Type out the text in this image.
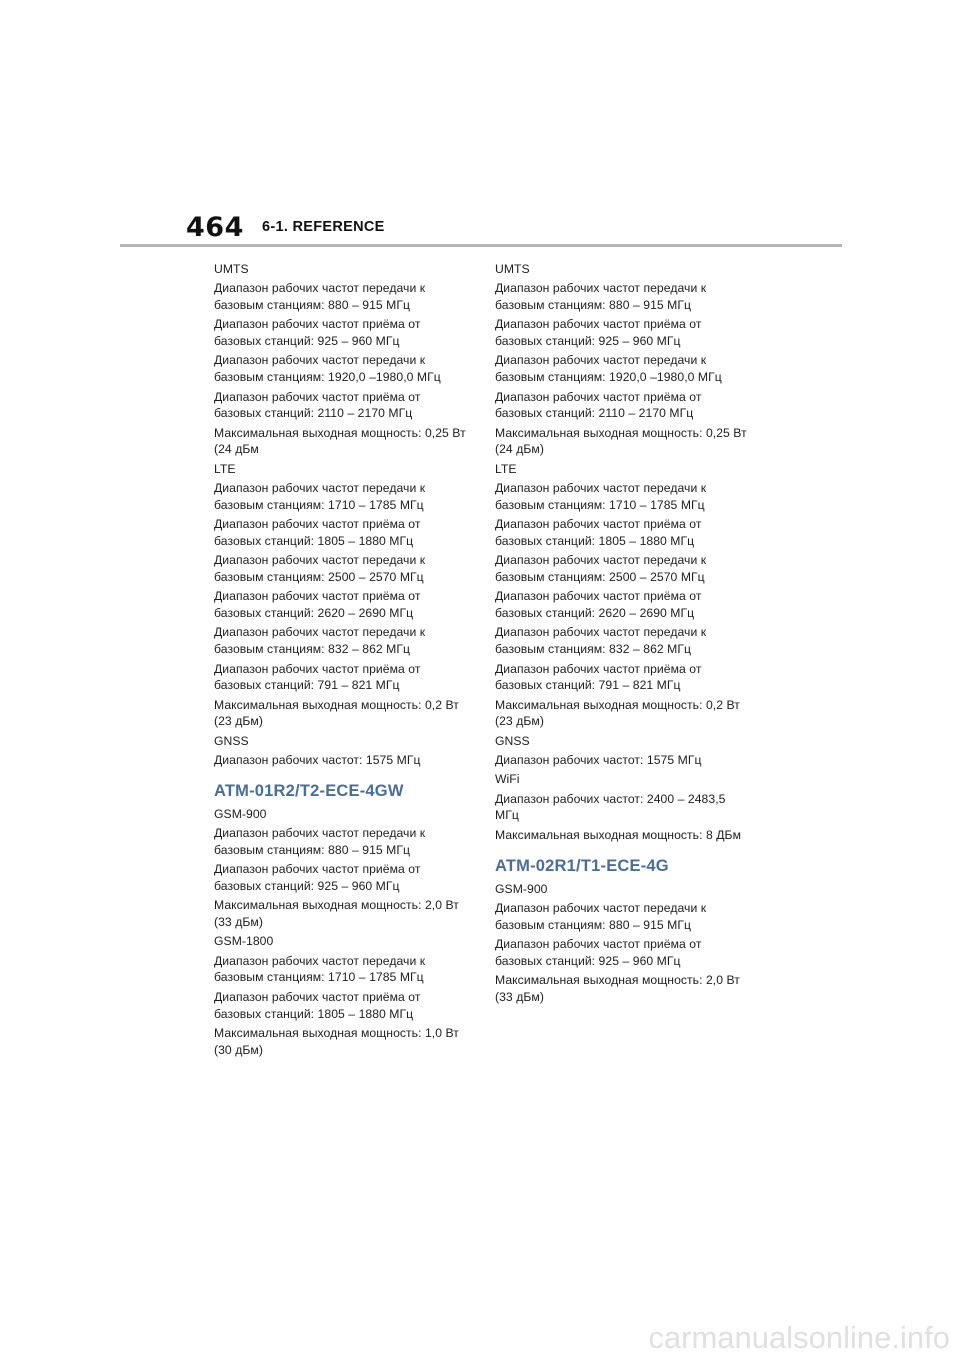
464 6-1. REFERENCE

UMTS

Диапазон рабочих частот передачи к базовым станциям: 880 – 915 МГц

Диапазон рабочих частот приёма от базовых станций: 925 – 960 МГц

Диапазон рабочих частот передачи к базовым станциям: 1920,0 –1980,0 МГц

Диапазон рабочих частот приёма от базовых станций: 2110 – 2170 МГц

Максимальная выходная мощность: 0,25 Вт (24 дБм

LTE

Диапазон рабочих частот передачи к базовым станциям: 1710 – 1785 МГц

Диапазон рабочих частот приёма от базовых станций: 1805 – 1880 МГц

Диапазон рабочих частот передачи к базовым станциям: 2500 – 2570 МГц

Диапазон рабочих частот приёма от базовых станций: 2620 – 2690 МГц

Диапазон рабочих частот передачи к базовым станциям: 832 – 862 МГц

Диапазон рабочих частот приёма от базовых станций: 791 – 821 МГц

Максимальная выходная мощность: 0,2 Вт (23 дБм)

GNSS

Диапазон рабочих частот: 1575 МГц

ATM-01R2/T2-ECE-4GW

GSM-900

Диапазон рабочих частот передачи к базовым станциям: 880 – 915 МГц

Диапазон рабочих частот приёма от базовых станций: 925 – 960 МГц

Максимальная выходная мощность: 2,0 Вт (33 дБм)

GSM-1800

Диапазон рабочих частот передачи к базовым станциям: 1710 – 1785 МГц

Диапазон рабочих частот приёма от базовых станций: 1805 – 1880 МГц

Максимальная выходная мощность: 1,0 Вт (30 дБм)

UMTS

Диапазон рабочих частот передачи к базовым станциям: 880 – 915 МГц

Диапазон рабочих частот приёма от базовых станций: 925 – 960 МГц

Диапазон рабочих частот передачи к базовым станциям: 1920,0 –1980,0 МГц

Диапазон рабочих частот приёма от базовых станций: 2110 – 2170 МГц

Максимальная выходная мощность: 0,25 Вт (24 дБм)

LTE

Диапазон рабочих частот передачи к базовым станциям: 1710 – 1785 МГц

Диапазон рабочих частот приёма от базовых станций: 1805 – 1880 МГц

Диапазон рабочих частот передачи к базовым станциям: 2500 – 2570 МГц

Диапазон рабочих частот приёма от базовых станций: 2620 – 2690 МГц

Диапазон рабочих частот передачи к базовым станциям: 832 – 862 МГц

Диапазон рабочих частот приёма от базовых станций: 791 – 821 МГц

Максимальная выходная мощность: 0,2 Вт (23 дБм)

GNSS

Диапазон рабочих частот: 1575 МГц

WiFi

Диапазон рабочих частот: 2400 – 2483,5 МГц

Максимальная выходная мощность: 8 ДБм

ATM-02R1/T1-ECE-4G

GSM-900

Диапазон рабочих частот передачи к базовым станциям: 880 – 915 МГц

Диапазон рабочих частот приёма от базовых станций: 925 – 960 МГц

Максимальная выходная мощность: 2,0 Вт (33 дБм)

carmanualsonline.info
